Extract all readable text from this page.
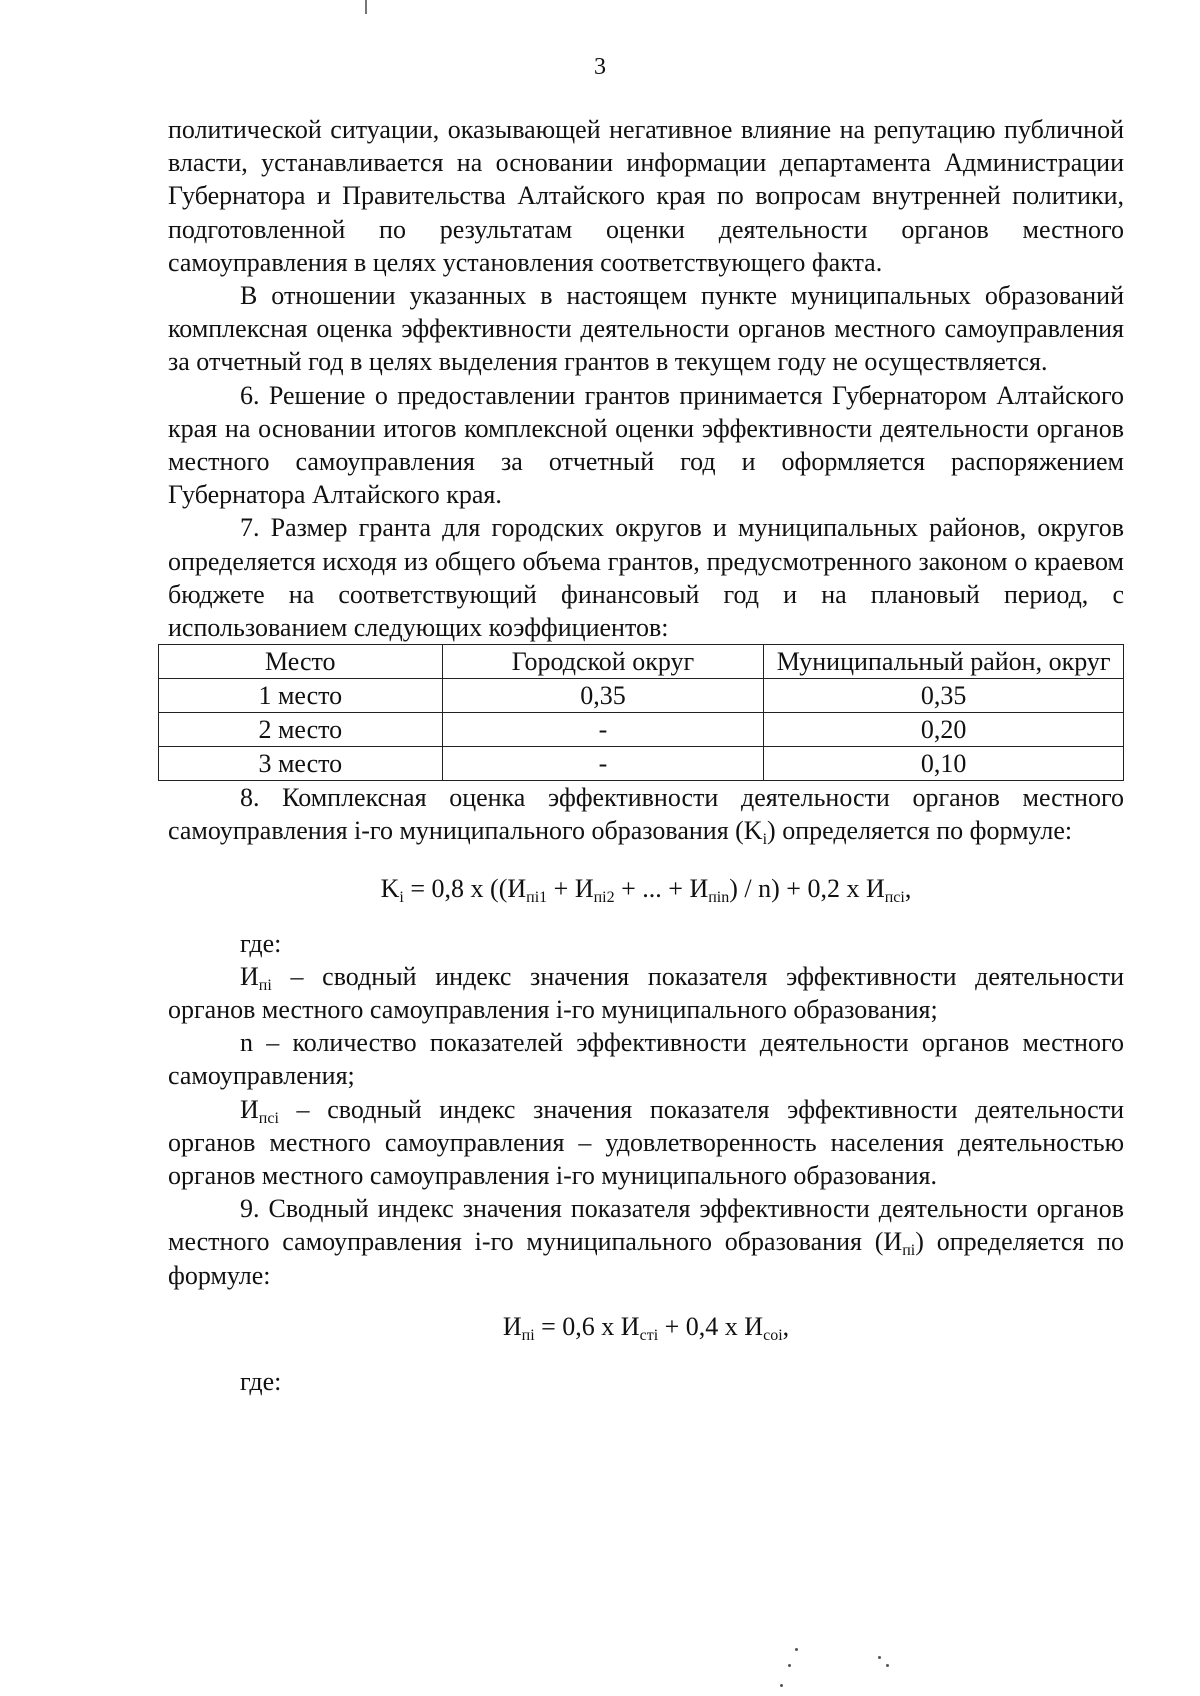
3

политической ситуации, оказывающей негативное влияние на репутацию публичной власти, устанавливается на основании информации департамента Администрации Губернатора и Правительства Алтайского края по вопросам внутренней политики, подготовленной по результатам оценки деятельности органов местного самоуправления в целях установления соответствующего факта.

В отношении указанных в настоящем пункте муниципальных образований комплексная оценка эффективности деятельности органов местного самоуправления за отчетный год в целях выделения грантов в текущем году не осуществляется.

6. Решение о предоставлении грантов принимается Губернатором Алтайского края на основании итогов комплексной оценки эффективности деятельности органов местного самоуправления за отчетный год и оформляется распоряжением Губернатора Алтайского края.

7. Размер гранта для городских округов и муниципальных районов, округов определяется исходя из общего объема грантов, предусмотренного законом о краевом бюджете на соответствующий финансовый год и на плановый период, с использованием следующих коэффициентов:

Место	Городской округ	Муниципальный район, округ
1 место	0,35	0,35
2 место	-	0,20
3 место	-	0,10

8. Комплексная оценка эффективности деятельности органов местного самоуправления i-го муниципального образования $(K_i)$ определяется по формуле:

$K_i = 0,8$ x (($И_{пi1} + И_{пi2}$ + ... + $И_{пin}) / n) + 0,2$ x $И_{псi}$,

где:

$И_{пi}$ – сводный индекс значения показателя эффективности деятельности органов местного самоуправления i-го муниципального образования;

n – количество показателей эффективности деятельности органов местного самоуправления;

$И_{псi}$ – сводный индекс значения показателя эффективности деятельности органов местного самоуправления – удовлетворенность населения деятельностью органов местного самоуправления i-го муниципального образования.

9. Сводный индекс значения показателя эффективности деятельности органов местного самоуправления i-го муниципального образования $(И_{пi})$ определяется по формуле:

$И_{пi} = 0,6$ x $И_{стi} + 0,4$ x $И_{соi}$,

где:
